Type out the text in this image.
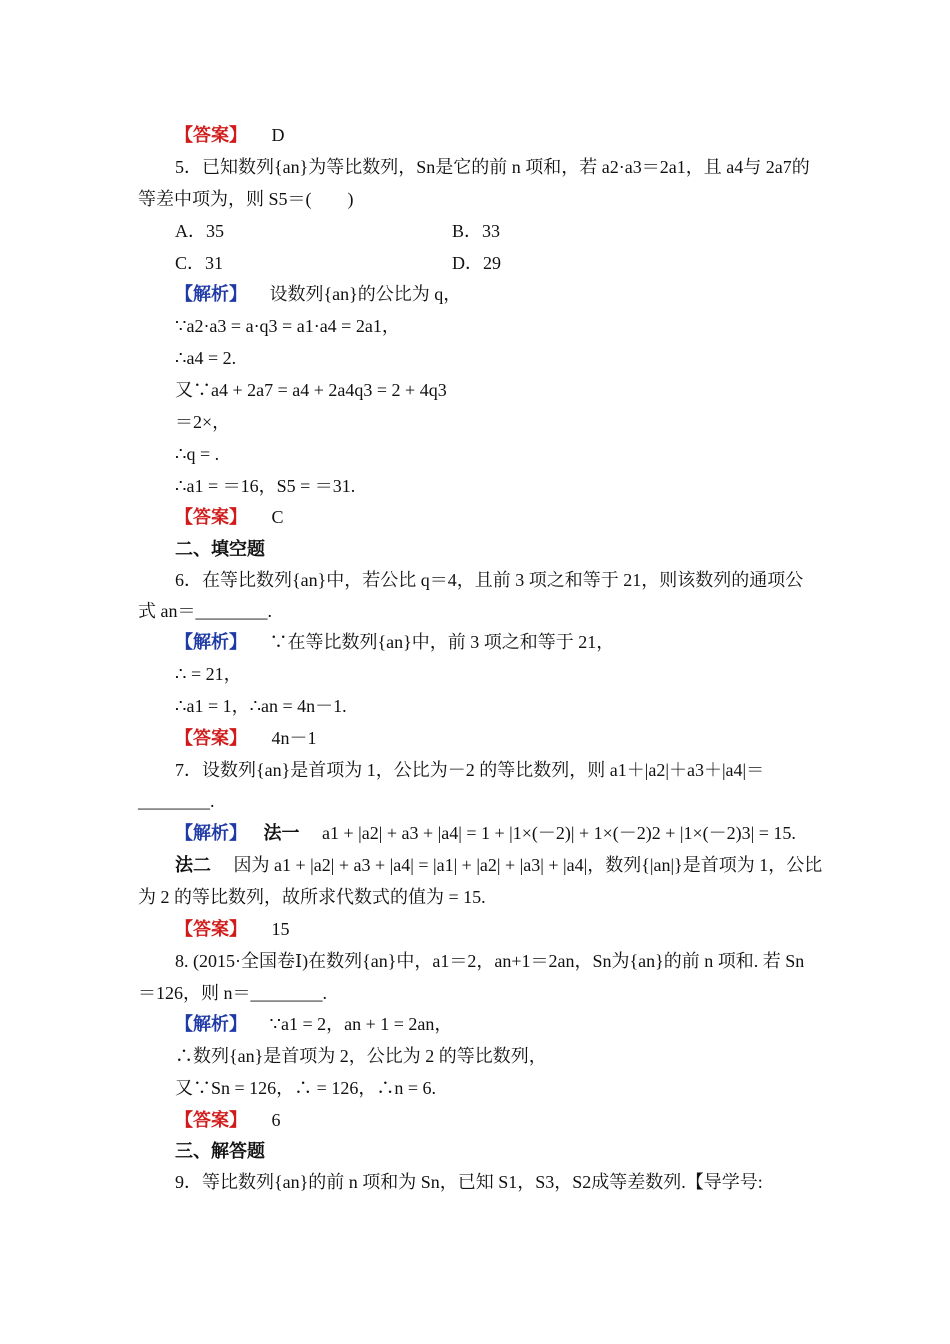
【答案】 D
5．已知数列{an}为等比数列，Sn是它的前 n 项和，若 a2·a3＝2a1，且 a4与 2a7的
等差中项为，则 S5＝(　　)
A．35	B．33
C．31	D．29
【解析】 设数列{an}的公比为 q，
∵a2·a3 = a·q3 = a1·a4 = 2a1，
∴a4 = 2.
又∵a4 + 2a7 = a4 + 2a4q3 = 2 + 4q3
＝2×，
∴q = .
∴a1 = ＝16，S5 = ＝31.
【答案】 C
二、填空题
6．在等比数列{an}中，若公比 q＝4，且前 3 项之和等于 21，则该数列的通项公
式 an＝________.
【解析】 ∵在等比数列{an}中，前 3 项之和等于 21，
∴ = 21，
∴a1 = 1，∴an = 4n－1.
【答案】 4n－1
7．设数列{an}是首项为 1，公比为－2 的等比数列，则 a1＋|a2|＋a3＋|a4|＝
________.
【解析】 法一 a1 + |a2| + a3 + |a4| = 1 + |1×(－2)| + 1×(－2)2 + |1×(－2)3| = 15.
法二 因为 a1 + |a2| + a3 + |a4| = |a1| + |a2| + |a3| + |a4|，数列{|an|}是首项为 1，公比
为 2 的等比数列，故所求代数式的值为 = 15.
【答案】 15
8. (2015·全国卷Ⅰ)在数列{an}中，a1＝2，an+1＝2an，Sn为{an}的前 n 项和. 若 Sn
＝126，则 n＝________.
【解析】 ∵a1 = 2，an + 1 = 2an，
∴数列{an}是首项为 2，公比为 2 的等比数列，
又∵Sn = 126，∴ = 126，∴n = 6.
【答案】 6
三、解答题
9．等比数列{an}的前 n 项和为 Sn，已知 S1，S3，S2成等差数列.【导学号:
